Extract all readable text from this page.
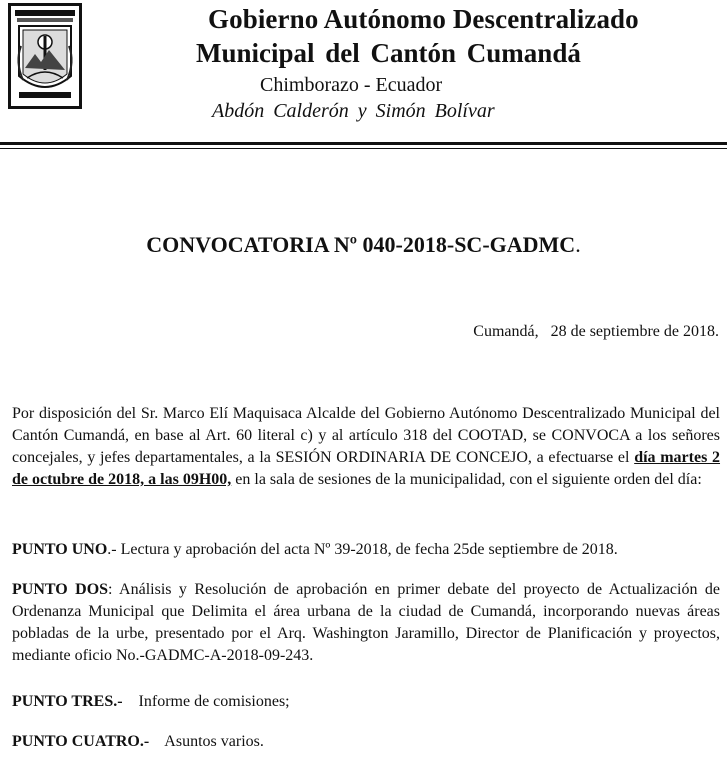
Gobierno Autónomo Descentralizado
Municipal del Cantón Cumandá
Chimborazo - Ecuador
Abdón Calderón y Simón Bolívar
CONVOCATORIA Nº 040-2018-SC-GADMC.
Cumandá,   28 de septiembre de 2018.
Por disposición del Sr. Marco Elí Maquisaca Alcalde del Gobierno Autónomo Descentralizado Municipal del Cantón Cumandá, en base al Art. 60 literal c) y al artículo 318 del COOTAD, se CONVOCA a los señores concejales, y jefes departamentales, a la SESIÓN ORDINARIA DE CONCEJO, a efectuarse el día martes 2 de octubre de 2018, a las 09H00, en la sala de sesiones de la municipalidad, con el siguiente orden del día:
PUNTO UNO.- Lectura y aprobación del acta Nº 39-2018, de fecha 25de septiembre de 2018.
PUNTO DOS: Análisis y Resolución de aprobación en primer debate del proyecto de Actualización de Ordenanza Municipal que Delimita el área urbana de la ciudad de Cumandá, incorporando nuevas áreas pobladas de la urbe, presentado por el Arq. Washington Jaramillo, Director de Planificación y proyectos, mediante oficio No.-GADMC-A-2018-09-243.
PUNTO TRES.-    Informe de comisiones;
PUNTO CUATRO.-    Asuntos varios.
